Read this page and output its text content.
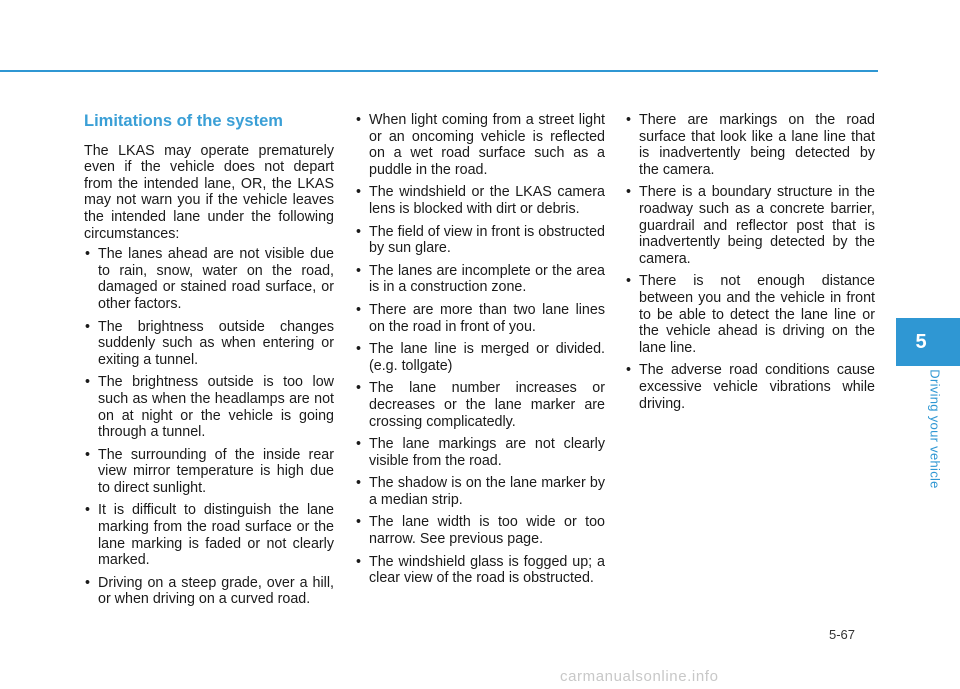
Limitations of the system

The LKAS may operate prematurely even if the vehicle does not depart from the intended lane, OR, the LKAS may not warn you if the vehicle leaves the intended lane under the following circumstances:

• The lanes ahead are not visible due to rain, snow, water on the road, damaged or stained road surface, or other factors.
• The brightness outside changes suddenly such as when entering or exiting a tunnel.
• The brightness outside is too low such as when the headlamps are not on at night or the vehicle is going through a tunnel.
• The surrounding of the inside rear view mirror temperature is high due to direct sunlight.
• It is difficult to distinguish the lane marking from the road surface or the lane marking is faded or not clearly marked.
• Driving on a steep grade, over a hill, or when driving on a curved road.
• When light coming from a street light or an oncoming vehicle is reflected on a wet road surface such as a puddle in the road.
• The windshield or the LKAS camera lens is blocked with dirt or debris.
• The field of view in front is obstructed by sun glare.
• The lanes are incomplete or the area is in a construction zone.
• There are more than two lane lines on the road in front of you.
• The lane line is merged or divided. (e.g. tollgate)
• The lane number increases or decreases or the lane marker are crossing complicatedly.
• The lane markings are not clearly visible from the road.
• The shadow is on the lane marker by a median strip.
• The lane width is too wide or too narrow. See previous page.
• The windshield glass is fogged up; a clear view of the road is obstructed.
• There are markings on the road surface that look like a lane line that is inadvertently being detected by the camera.
• There is a boundary structure in the roadway such as a concrete barrier, guardrail and reflector post that is inadvertently being detected by the camera.
• There is not enough distance between you and the vehicle in front to be able to detect the lane line or the vehicle ahead is driving on the lane line.
• The adverse road conditions cause excessive vehicle vibrations while driving.
5
Driving your vehicle
5-67
carmanualsonline.info
